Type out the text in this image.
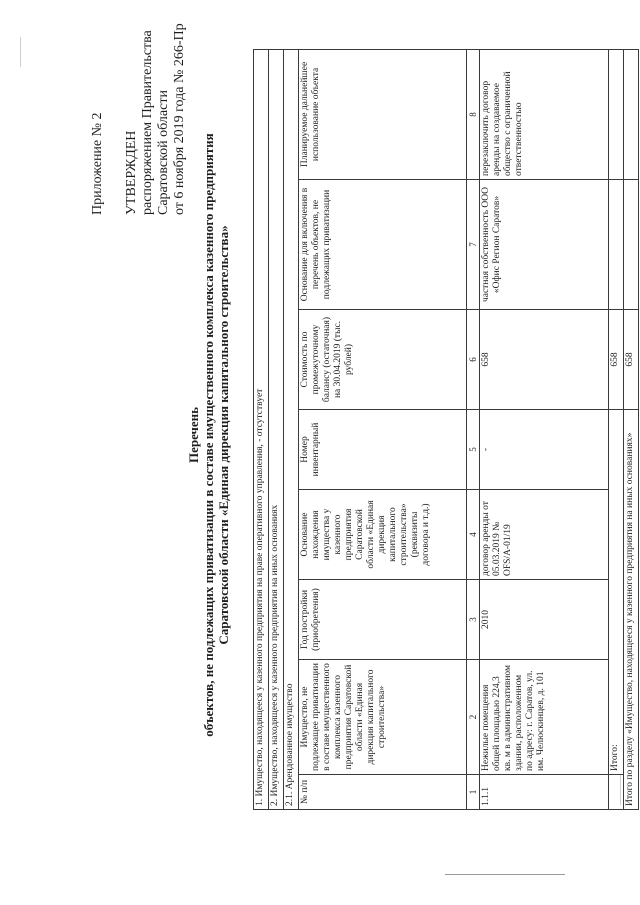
Приложение № 2 УТВЕРЖДЕН распоряжением Правительства Саратовской области от 6 ноября 2019 года № 266-Пр
Перечень объектов, не подлежащих приватизации в составе имущественного комплекса казенного предприятия Саратовской области «Единая дирекция капитального строительства»	1. Имущество, находящееся у казенного предприятия на праве оперативного управления, - отсутствует							
2. Имущество, находящееся у казенного предприятия на иных основаниях							
2.1. Арендованное имущество							
№ п/п	Имущество, не подлежащее приватизации в составе имущественного комплекса казенного предприятия Саратовской области «Единая дирекция капитального строительства»	Год постройки (приобретения)	Основание нахождения имущества у казенного предприятия Саратовской области «Единая дирекция капитального строительства» (реквизиты договора и т.д.)	Номер инвентарный	Стоимость по промежуточному балансу (остаточная) на 30.04.2019 (тыс. рублей)	Основание для включения в перечень объектов, не подлежащих приватизации	Планируемое дальнейшее использование объекта
1	2	3	4	5	6	7	8
1.1.1	Нежилые помещения общей площадью 224,3 кв. м в административном здании, расположенном по адресу: г. Саратов, ул. им. Челюскинцев, д. 101	2010	договор аренды от 05.03.2019 № OFS/A-01/19	-	658	частная собственность ООО «Офис Регион Саратов»	перезаключить договор аренды на создаваемое общество с ограниченной ответственностью
	Итого:				658		
Итого по разделу «Имущество, находящееся у казенного предприятия на иных основаниях»					658		
